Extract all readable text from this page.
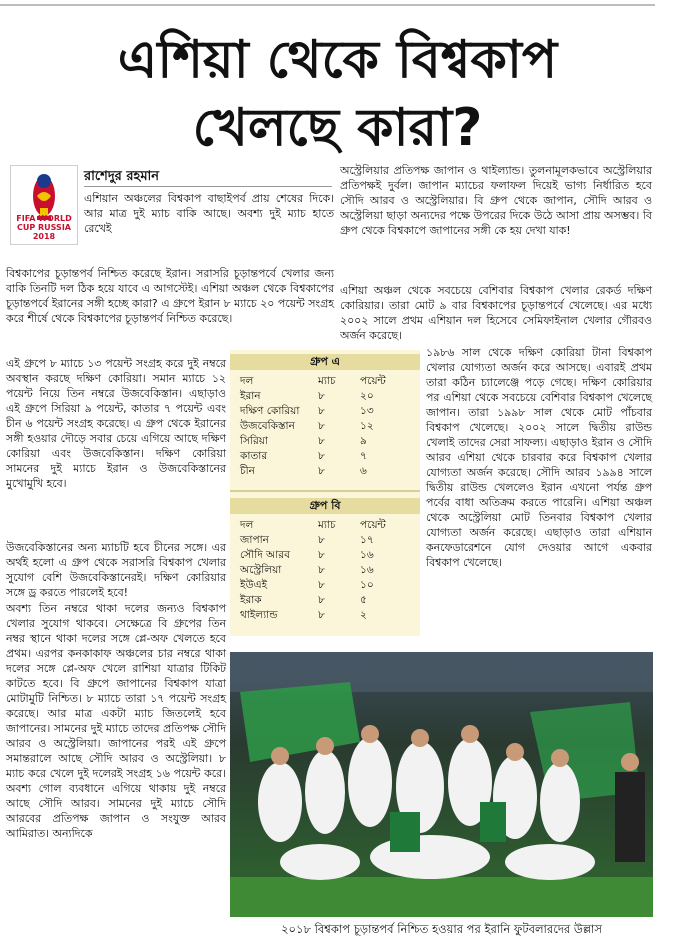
এশিয়া থেকে বিশ্বকাপ
খেলছে কারা?
FIFA WORLD CUP RUSSIA 2018
রাশেদুর রহমান
এশিয়ান অঞ্চলের বিশ্বকাপ বাছাইপর্ব প্রায় শেষের দিকে। আর মাত্র দুই ম্যাচ বাকি আছে। অবশ্য দুই ম্যাচ হাতে রেখেই
বিশ্বকাপের চূড়ান্তপর্ব নিশ্চিত করেছে ইরান। সরাসরি চূড়ান্তপর্বে খেলার জন্য বাকি তিনটি দল ঠিক হয়ে যাবে এ আগস্টেই। এশিয়া অঞ্চল থেকে বিশ্বকাপের চূড়ান্তপর্বে ইরানের সঙ্গী হচ্ছে কারা? এ গ্রুপে ইরান ৮ ম্যাচে ২০ পয়েন্ট সংগ্রহ করে শীর্ষে থেকে বিশ্বকাপের চূড়ান্তপর্ব নিশ্চিত করেছে।
এই গ্রুপে ৮ ম্যাচে ১৩ পয়েন্ট সংগ্রহ করে দুই নম্বরে অবস্থান করছে দক্ষিণ কোরিয়া। সমান ম্যাচে ১২ পয়েন্ট নিয়ে তিন নম্বরে উজবেকিস্তান। এছাড়াও এই গ্রুপে সিরিয়া ৯ পয়েন্ট, কাতার ৭ পয়েন্ট এবং চীন ৬ পয়েন্ট সংগ্রহ করেছে। এ গ্রুপ থেকে ইরানের সঙ্গী হওয়ার দৌড়ে সবার চেয়ে এগিয়ে আছে দক্ষিণ কোরিয়া এবং উজবেকিস্তান। দক্ষিণ কোরিয়া সামনের দুই ম্যাচে ইরান ও উজবেকিস্তানের মুখোমুখি হবে।
উজবেকিস্তানের অন্য ম্যাচটি হবে চীনের সঙ্গে। এর অর্থই হলো এ গ্রুপ থেকে সরাসরি বিশ্বকাপ খেলার সুযোগ বেশি উজবেকিস্তানেরই। দক্ষিণ কোরিয়ার সঙ্গে ড্র করতে পারলেই হবে!
অবশ্য তিন নম্বরে থাকা দলের জন্যও বিশ্বকাপ খেলার সুযোগ থাকবে। সেক্ষেত্রে বি গ্রুপের তিন নম্বর স্থানে থাকা দলের সঙ্গে প্লে-অফ খেলতে হবে প্রথম। এরপর কনকাকাফ অঞ্চলের চার নম্বরে থাকা দলের সঙ্গে প্লে-অফ খেলে রাশিয়া যাত্রার টিকিট কাটতে হবে। বি গ্রুপে জাপানের বিশ্বকাপ যাত্রা মোটামুটি নিশ্চিত। ৮ ম্যাচে তারা ১৭ পয়েন্ট সংগ্রহ করেছে। আর মাত্র একটা ম্যাচ জিতলেই হবে জাপানের। সামনের দুই ম্যাচে তাদের প্রতিপক্ষ সৌদি আরব ও অস্ট্রেলিয়া। জাপানের পরই এই গ্রুপে সমান্তরালে আছে সৌদি আরব ও অস্ট্রেলিয়া। ৮ ম্যাচ করে খেলে দুই দলেরই সংগ্রহ ১৬ পয়েন্ট করে। অবশ্য গোল ব্যবধানে এগিয়ে থাকায় দুই নম্বরে আছে সৌদি আরব। সামনের দুই ম্যাচে সৌদি আরবের প্রতিপক্ষ জাপান ও সংযুক্ত আরব আমিরাত। অন্যদিকে
অস্ট্রেলিয়ার প্রতিপক্ষ জাপান ও থাইল্যান্ড। তুলনামূলকভাবে অস্ট্রেলিয়ার প্রতিপক্ষই দুর্বল। জাপান ম্যাচের ফলাফল দিয়েই ভাগ্য নির্ধারিত হবে সৌদি আরব ও অস্ট্রেলিয়ার। বি গ্রুপ থেকে জাপান, সৌদি আরব ও অস্ট্রেলিয়া ছাড়া অন্যদের পক্ষে উপরের দিকে উঠে আসা প্রায় অসম্ভব। বি গ্রুপ থেকে বিশ্বকাপে জাপানের সঙ্গী কে হয় দেখা যাক!
এশিয়া অঞ্চল থেকে সবচেয়ে বেশিবার বিশ্বকাপ খেলার রেকর্ড দক্ষিণ কোরিয়ার। তারা মোট ৯ বার বিশ্বকাপের চূড়ান্তপর্বে খেলেছে। এর মধ্যে ২০০২ সালে প্রথম এশিয়ান দল হিসেবে সেমিফাইনাল খেলার গৌরবও অর্জন করেছে।
১৯৮৬ সাল থেকে দক্ষিণ কোরিয়া টানা বিশ্বকাপ খেলার যোগ্যতা অর্জন করে আসছে। এবারই প্রথম তারা কঠিন চ্যালেঞ্জে পড়ে গেছে। দক্ষিণ কোরিয়ার পর এশিয়া থেকে সবচেয়ে বেশিবার বিশ্বকাপ খেলেছে জাপান। তারা ১৯৯৮ সাল থেকে মোট পাঁচবার বিশ্বকাপ খেলেছে। ২০০২ সালে দ্বিতীয় রাউন্ড খেলাই তাদের সেরা সাফল্য। এছাড়াও ইরান ও সৌদি আরব এশিয়া থেকে চারবার করে বিশ্বকাপ খেলার যোগ্যতা অর্জন করেছে। সৌদি আরব ১৯৯৪ সালে দ্বিতীয় রাউন্ড খেললেও ইরান এখনো পর্যন্ত গ্রুপ পর্বের বাধা অতিক্রম করতে পারেনি। এশিয়া অঞ্চল থেকে অস্ট্রেলিয়া মোট তিনবার বিশ্বকাপ খেলার যোগ্যতা অর্জন করেছে। এছাড়াও তারা এশিয়ান কনফেডারেশনে যোগ দেওয়ার আগে একবার বিশ্বকাপ খেলেছে।
গ্রুপ এ
দল	ম্যাচ পয়েন্ট
ইরান	৮	২০
দক্ষিণ কোরিয়া ৮	১৩
উজবেকিস্তান ৮	১২
সিরিয়া	৮	৯
কাতার	৮	৭
চীন	৮	৬
গ্রুপ বি
দল	ম্যাচ পয়েন্ট
জাপান	৮	১৭
সৌদি আরব	৮	১৬
অস্ট্রেলিয়া	৮	১৬
ইউএই	৮	১০
ইরাক	৮	৫
থাইল্যান্ড	৮	২
২০১৮ বিশ্বকাপ চূড়ান্তপর্ব নিশ্চিত হওয়ার পর ইরানি ফুটবলারদের উল্লাস
